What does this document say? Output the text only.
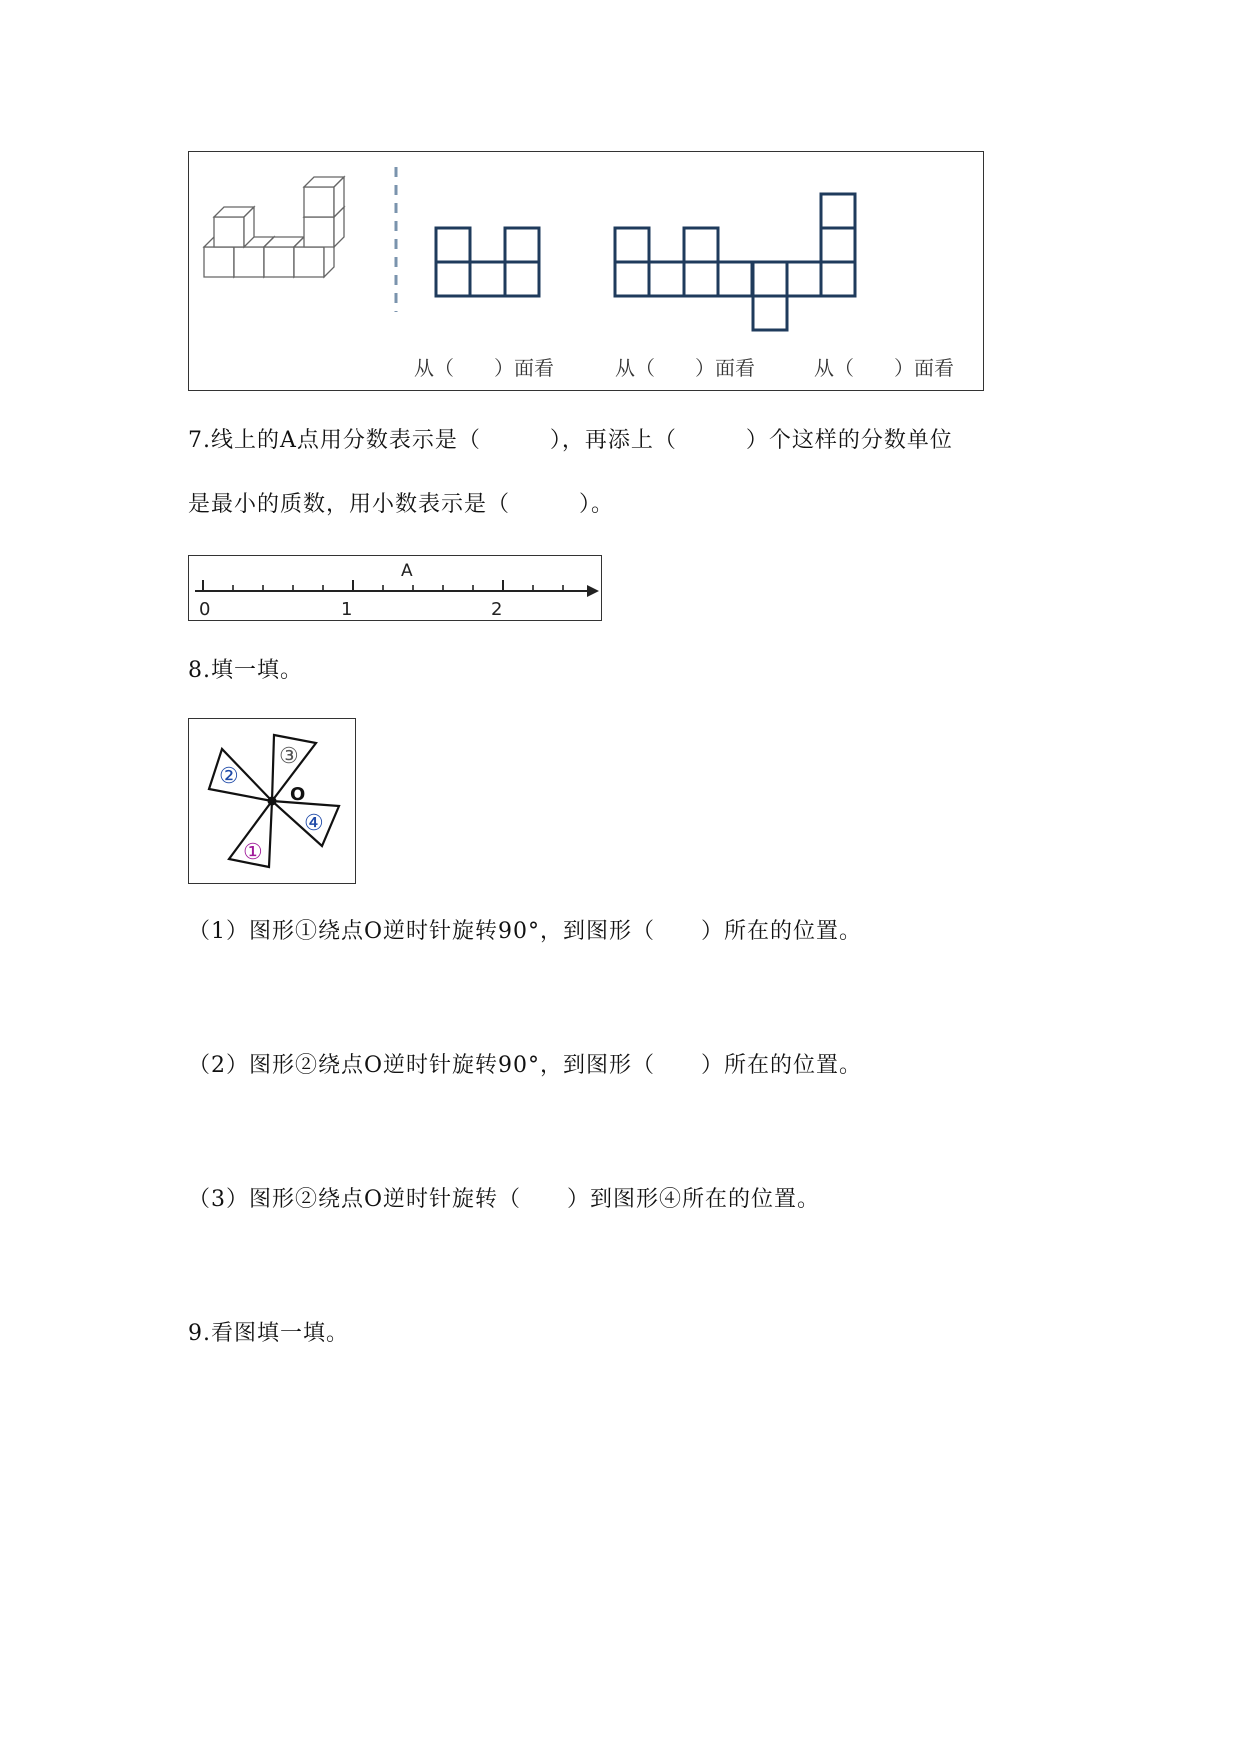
从（　　）面看	从（　　）面看	从（　　）面看
7.线上的A点用分数表示是（　　　），再添上（　　　）个这样的分数单位
是最小的质数，用小数表示是（　　　）。
A
0	1	2
8.填一填。
O
②
③
④
①
（1）图形①绕点O逆时针旋转90°，到图形（　　）所在的位置。
（2）图形②绕点O逆时针旋转90°，到图形（　　）所在的位置。
（3）图形②绕点O逆时针旋转（　　）到图形④所在的位置。
9.看图填一填。
